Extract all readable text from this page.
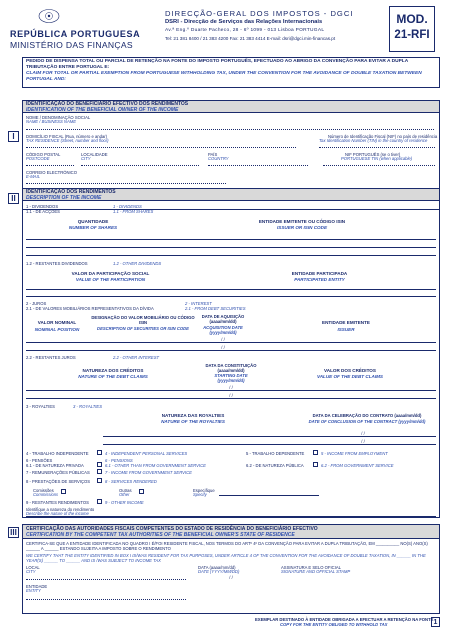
REPÚBLICA PORTUGUESA
MINISTÉRIO DAS FINANÇAS
DIRECÇÃO-GERAL DOS IMPOSTOS - DGCI
DSRI - Direcção de Serviços das Relações Internacionais
Av.ª Eng.º Duarte Pacheco, 28 - 6º 1099 - 013 Lisboa PORTUGAL
Tel: 21 381 8400 / 21 383 4200 Fax: 21 383 4414 E-mail: dsri@dgci.min-financas.pt
MOD.
21-RFI
PEDIDO DE DISPENSA TOTAL OU PARCIAL DE RETENÇÃO NA FONTE DO IMPOSTO PORTUGUÊS, EFECTUADO AO ABRIGO DA CONVENÇÃO PARA EVITAR A DUPLA TRIBUTAÇÃO ENTRE PORTUGAL E:
CLAIM FOR TOTAL OR PARTIAL EXEMPTION FROM PORTUGUESE WITHHOLDING TAX, UNDER THE CONVENTION FOR THE AVOIDANCE OF DOUBLE TAXATION BETWEEN PORTUGAL AND:
I
IDENTIFICAÇÃO DO BENEFICIÁRIO EFECTIVO DOS RENDIMENTOS
IDENTIFICATION OF THE BENEFICIAL OWNER OF THE INCOME
NOME / DENOMINAÇÃO SOCIAL
NAME / BUSINESS NAME
DOMICÍLIO FISCAL (Rua, número e andar)
TAX RESIDENCE (Street, number and floor)
Número de Identificação Fiscal (NIF) no país de residência
Tax Identification Number (TIN) in the country of residence
CÓDIGO POSTAL
POSTCODE
LOCALIDADE
CITY
PAÍS
COUNTRY
NIF PORTUGUÊS (se o tiver)
PORTUGUESE TIN (when applicable)
CORREIO ELECTRÓNICO
E-MAIL
II
IDENTIFICAÇÃO DOS RENDIMENTOS
DESCRIPTION OF THE INCOME
1 - DIVIDENDOS	1 - DIVIDENDS
1.1 - DE ACÇÕES	1.1 - FROM SHARES
QUANTIDADE
NUMBER OF SHARES
ENTIDADE EMITENTE OU CÓDIGO ISIN
ISSUER OR ISIN CODE
1.2 - RESTANTES DIVIDENDOS	1.2 - OTHER DIVIDENDS
VALOR DA PARTICIPAÇÃO SOCIAL
VALUE OF THE PARTICIPATION
ENTIDADE PARTICIPADA
PARTICIPATED ENTITY
2 - JUROS	2 - INTEREST
2.1 - DE VALORES MOBILIÁRIOS REPRESENTATIVOS DA DÍVIDA	2.1 - FROM DEBT SECURITIES
VALOR NOMINAL
NOMINAL POSITION
DESIGNAÇÃO DO VALOR MOBILIÁRIO OU CÓDIGO ISIN
DESCRIPTION OF SECURITIES OR ISIN CODE
DATA DE AQUISIÇÃO (aaaa/mm/dd)
ACQUISITION DATE (yyyy/mm/dd)
ENTIDADE EMITENTE
ISSUER
/ /
/ /
2.2 - RESTANTES JUROS	2.2 - OTHER INTEREST
NATUREZA DOS CRÉDITOS
NATURE OF THE DEBT CLAIMS
DATA DA CONSTITUIÇÃO (aaaa/mm/dd)
STARTING DATE (yyyy/mm/dd)
VALOR DOS CRÉDITOS
VALUE OF THE DEBT CLAIMS
/ /
/ /
3 - ROYALTIES	3 - ROYALTIES
NATUREZA DAS ROYALTIES
NATURE OF THE ROYALTIES
DATA DA CELEBRAÇÃO DO CONTRATO (aaaa/mm/dd)
DATE OF CONCLUSION OF THE CONTRACT (yyyy/mm/dd)
/ /
/ /
4 - TRABALHO INDEPENDENTE	4 - INDEPENDENT PERSONAL SERVICES	5 - TRABALHO DEPENDENTE	5 - INCOME FROM EMPLOYMENT
6 - PENSÕES	6 - PENSIONS
6.1 - DE NATUREZA PRIVADA	6.1 - OTHER THAN FROM GOVERNMENT SERVICE	6.2 - DE NATUREZA PÚBLICA	6.2 - FROM GOVERNMENT SERVICE
7 - REMUNERAÇÕES PÚBLICAS	7 - INCOME FROM GOVERNMENT SERVICE
8 - PRESTAÇÕES DE SERVIÇOS	8 - SERVICES RENDERED
Comissões
Commissions
Outras
Other
Especifique
Specify
9 - RESTANTES RENDIMENTOS	9 - OTHER INCOME
Identifique a natureza do rendimento
Describe the nature of the income
III	CERTIFICAÇÃO DAS AUTORIDADES FISCAIS COMPETENTES DO ESTADO DE RESIDÊNCIA DO BENEFICIÁRIO EFECTIVO
CERTIFICATION BY THE COMPETENT TAX AUTHORITIES OF THE BENEFICIAL OWNER'S STATE OF RESIDENCE
CERTIFICA-SE QUE A ENTIDADE IDENTIFICADA NO QUADRO I É/FOI RESIDENTE FISCAL, NOS TERMOS DO ARTº 4º DA CONVENÇÃO PARA EVITAR A DUPLA TRIBUTAÇÃO, EM __________ NO(S) ANO(S) ______ A ______ ESTANDO SUJEITA A IMPOSTO SOBRE O RENDIMENTO
WE CERTIFY THAT THE ENTITY IDENTIFIED IN BOX I IS/WAS RESIDENT FOR TAX PURPOSES, UNDER ARTICLE 4 OF THE CONVENTION FOR THE AVOIDANCE OF DOUBLE TAXATION, IN ______ IN THE YEAR(S) ______ TO ______ AND IS /WAS SUBJECT TO INCOME TAX
LOCAL
CITY
DATA (aaaa/mm/dd)
DATE (YYYY/MM/DD)
ASSINATURA E SELO OFICIAL
SIGNATURE AND OFFICIAL STAMP
/ /
ENTIDADE
ENTITY
EXEMPLAR DESTINADO À ENTIDADE OBRIGADA A EFECTUAR A RETENÇÃO NA FONTE
COPY FOR THE ENTITY OBLIGED TO WITHHOLD TAX	1
